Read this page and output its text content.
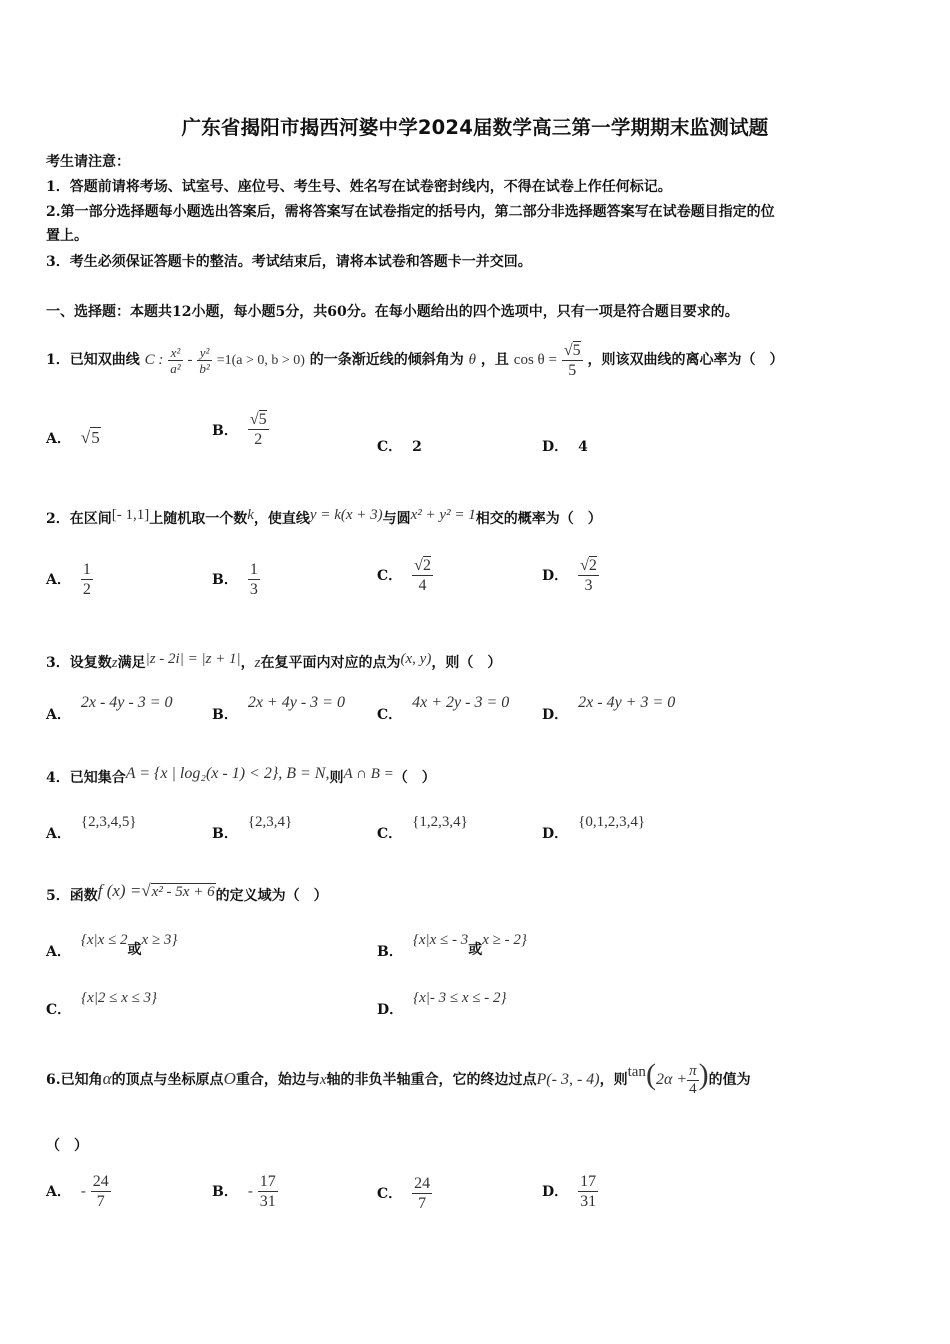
广东省揭阳市揭西河婆中学2024届数学高三第一学期期末监测试题
考生请注意：
1．答题前请将考场、试室号、座位号、考生号、姓名写在试卷密封线内，不得在试卷上作任何标记。
2.第一部分选择题每小题选出答案后，需将答案写在试卷指定的括号内，第二部分非选择题答案写在试卷题目指定的位
置上。
3．考生必须保证答题卡的整洁。考试结束后，请将本试卷和答题卡一并交回。
一、选择题：本题共12小题，每小题5分，共60分。在每小题给出的四个选项中，只有一项是符合题目要求的。
1．已知双曲线 C : $\frac{\text{x²}}{\text{a²}} - \frac{\text{y²}}{\text{b²}} =1(a > 0$, b > 0) 的一条渐近线的倾斜角为 θ ，且 $\cos \theta = \frac{√5}{5}$ ，则该双曲线的离心率为（　）
A． √5	B． $\frac{√5}{2}$	C． 2	D． 4
2．在区间[- 1,1]上随机取一个数k，使直线y = k(x + 3)与圆x² + y² = 1相交的概率为（　）
A． $\frac{1}{2}$	B． $\frac{1}{3}$	C． $\frac{√2}{4}$	D． $\frac{√2}{3}$
3．设复数z满足|z - 2i| = |z + 1|，z在复平面内对应的点为(x, y)，则（　）
A．2x - 4y - 3 = 0
B．2x + 4y - 3 = 0
C．4x + 2y - 3 = 0
D．2x - 4y + 3 = 0
4．已知集合A = {x | log₂(x - 1) < 2}, B = N,则A ∩ B =（　）
A．{2,3,4,5}
B．{2,3,4}
C．{1,2,3,4}
D．{0,1,2,3,4}
5．函数f (x) =√x² - 5x + 6的定义域为（　）
A．{x|x ≤ 2或x ≥ 3}
B．{x|x ≤ - 3或x ≥ - 2}
C．{x|2 ≤ x ≤ 3}
D．{x|- 3 ≤ x ≤ - 2}
6.已知角α的顶点与坐标原点O重合，始边与x轴的非负半轴重合，它的终边过点P(- 3, - 4)，则$\tan(2\alpha + \frac{\pi}{4}$ )的值为
（　）
A． - $\frac{24}{7}$	B． - $\frac{17}{31}$	C． $\frac{24}{7}$	D． $\frac{17}{31}$
